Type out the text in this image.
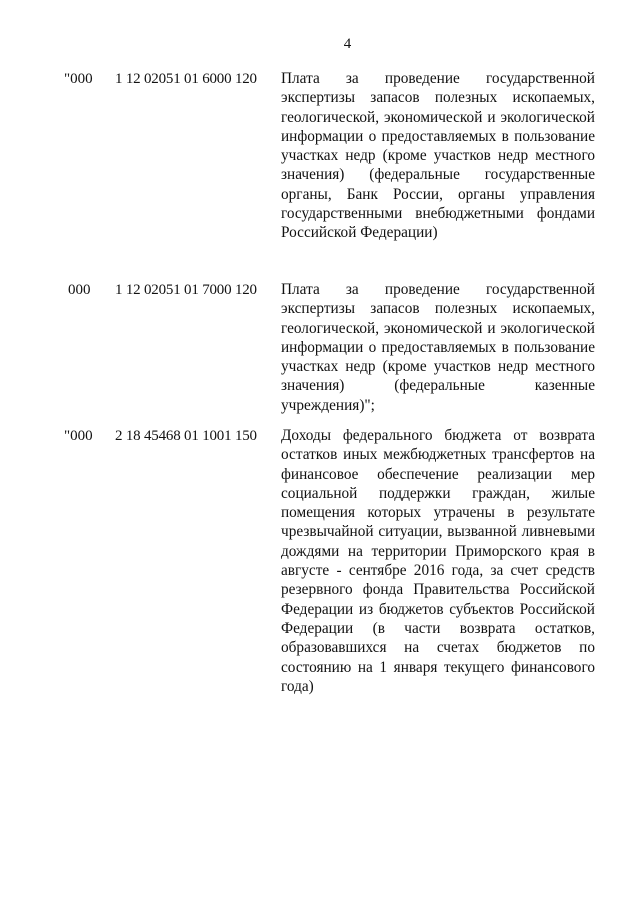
4
"000 1 12 02051 01 6000 120 Плата за проведение государственной экспертизы запасов полезных ископаемых, геологической, экономической и экологической информации о предоставляемых в пользование участках недр (кроме участков недр местного значения) (федеральные государственные органы, Банк России, органы управления государственными внебюджетными фондами Российской Федерации)
000 1 12 02051 01 7000 120 Плата за проведение государственной экспертизы запасов полезных ископаемых, геологической, экономической и экологической информации о предоставляемых в пользование участках недр (кроме участков недр местного значения) (федеральные казенные учреждения)";
"000 2 18 45468 01 1001 150 Доходы федерального бюджета от возврата остатков иных межбюджетных трансфертов на финансовое обеспечение реализации мер социальной поддержки граждан, жилые помещения которых утрачены в результате чрезвычайной ситуации, вызванной ливневыми дождями на территории Приморского края в августе - сентябре 2016 года, за счет средств резервного фонда Правительства Российской Федерации из бюджетов субъектов Российской Федерации (в части возврата остатков, образовавшихся на счетах бюджетов по состоянию на 1 января текущего финансового года)
